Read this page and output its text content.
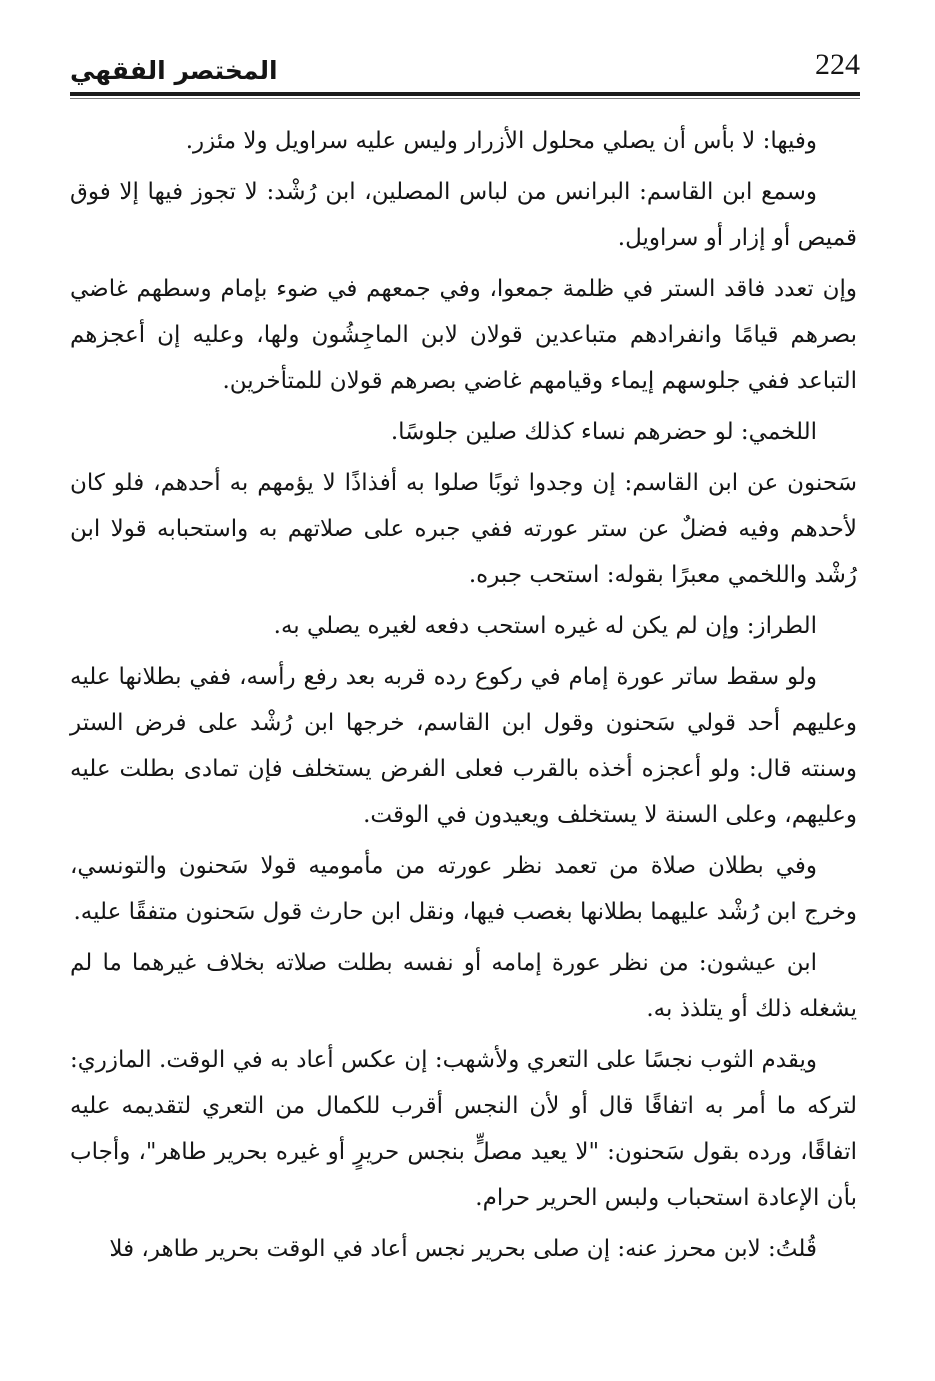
224
المختصر الفقهي

وفيها: لا بأس أن يصلي محلول الأزرار وليس عليه سراويل ولا مئزر.

وسمع ابن القاسم: البرانس من لباس المصلين، ابن رُشْد: لا تجوز فيها إلا فوق قميص أو إزار أو سراويل.

وإن تعدد فاقد الستر في ظلمة جمعوا، وفي جمعهم في ضوء بإمام وسطهم غاضي بصرهم قيامًا وانفرادهم متباعدين قولان لابن الماجِشُون ولها، وعليه إن أعجزهم التباعد ففي جلوسهم إيماء وقيامهم غاضي بصرهم قولان للمتأخرين.

اللخمي: لو حضرهم نساء كذلك صلين جلوسًا.

سَحنون عن ابن القاسم: إن وجدوا ثوبًا صلوا به أفذاذًا لا يؤمهم به أحدهم، فلو كان لأحدهم وفيه فضلٌ عن ستر عورته ففي جبره على صلاتهم به واستحبابه قولا ابن رُشْد واللخمي معبرًا بقوله: استحب جبره.

الطراز: وإن لم يكن له غيره استحب دفعه لغيره يصلي به.

ولو سقط ساتر عورة إمام في ركوع رده قربه بعد رفع رأسه، ففي بطلانها عليه وعليهم أحد قولي سَحنون وقول ابن القاسم، خرجها ابن رُشْد على فرض الستر وسنته قال: ولو أعجزه أخذه بالقرب فعلى الفرض يستخلف فإن تمادى بطلت عليه وعليهم، وعلى السنة لا يستخلف ويعيدون في الوقت.

وفي بطلان صلاة من تعمد نظر عورته من مأموميه قولا سَحنون والتونسي، وخرج ابن رُشْد عليهما بطلانها بغصب فيها، ونقل ابن حارث قول سَحنون متفقًا عليه.

ابن عيشون: من نظر عورة إمامه أو نفسه بطلت صلاته بخلاف غيرهما ما لم يشغله ذلك أو يتلذذ به.

ويقدم الثوب نجسًا على التعري ولأشهب: إن عكس أعاد به في الوقت. المازري: لتركه ما أمر به اتفاقًا قال أو لأن النجس أقرب للكمال من التعري لتقديمه عليه اتفاقًا، ورده بقول سَحنون: "لا يعيد مصلٍّ بنجس حريرٍ أو غيره بحرير طاهر"، وأجاب بأن الإعادة استحباب ولبس الحرير حرام.

قُلتُ: لابن محرز عنه: إن صلى بحرير نجس أعاد في الوقت بحرير طاهر، فلا
